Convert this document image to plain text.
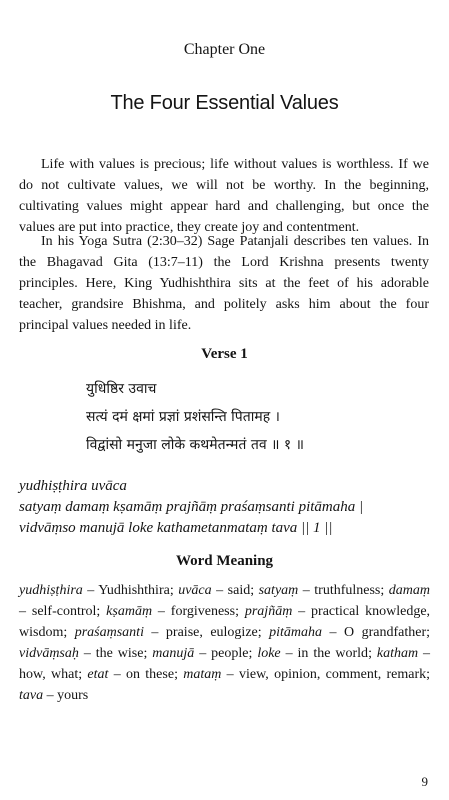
Chapter One
The Four Essential Values

Life with values is precious; life without values is worthless. If we do not cultivate values, we will not be worthy. In the beginning, cultivating values might appear hard and challenging, but once the values are put into practice, they create joy and contentment.

In his Yoga Sutra (2:30–32) Sage Patanjali describes ten values. In the Bhagavad Gita (13:7–11) the Lord Krishna presents twenty principles. Here, King Yudhishthira sits at the feet of his adorable teacher, grandsire Bhishma, and politely asks him about the four principal values needed in life.

Verse 1
युधिष्ठिर उवाच
सत्यं दमं क्षमां प्रज्ञां प्रशंसन्ति पितामह ।
विद्वांसो मनुजा लोके कथमेतन्मतं तव ॥ १ ॥
yudhiṣṭhira uvāca
satyaṃ damaṃ kṣamāṃ prajñāṃ praśaṃsanti pitāmaha |
vidvāṃso manujā loke kathametanmataṃ tava || 1 ||
Word Meaning

yudhiṣṭhira – Yudhishthira; uvāca – said; satyaṃ – truthfulness; damaṃ – self-control; kṣamāṃ – forgiveness; prajñāṃ – practical knowledge, wisdom; praśaṃsanti – praise, eulogize; pitāmaha – O grandfather; vidvāṃsaḥ – the wise; manujā – people; loke – in the world; katham – how, what; etat – on these; mataṃ – view, opinion, comment, remark; tava – yours

9
